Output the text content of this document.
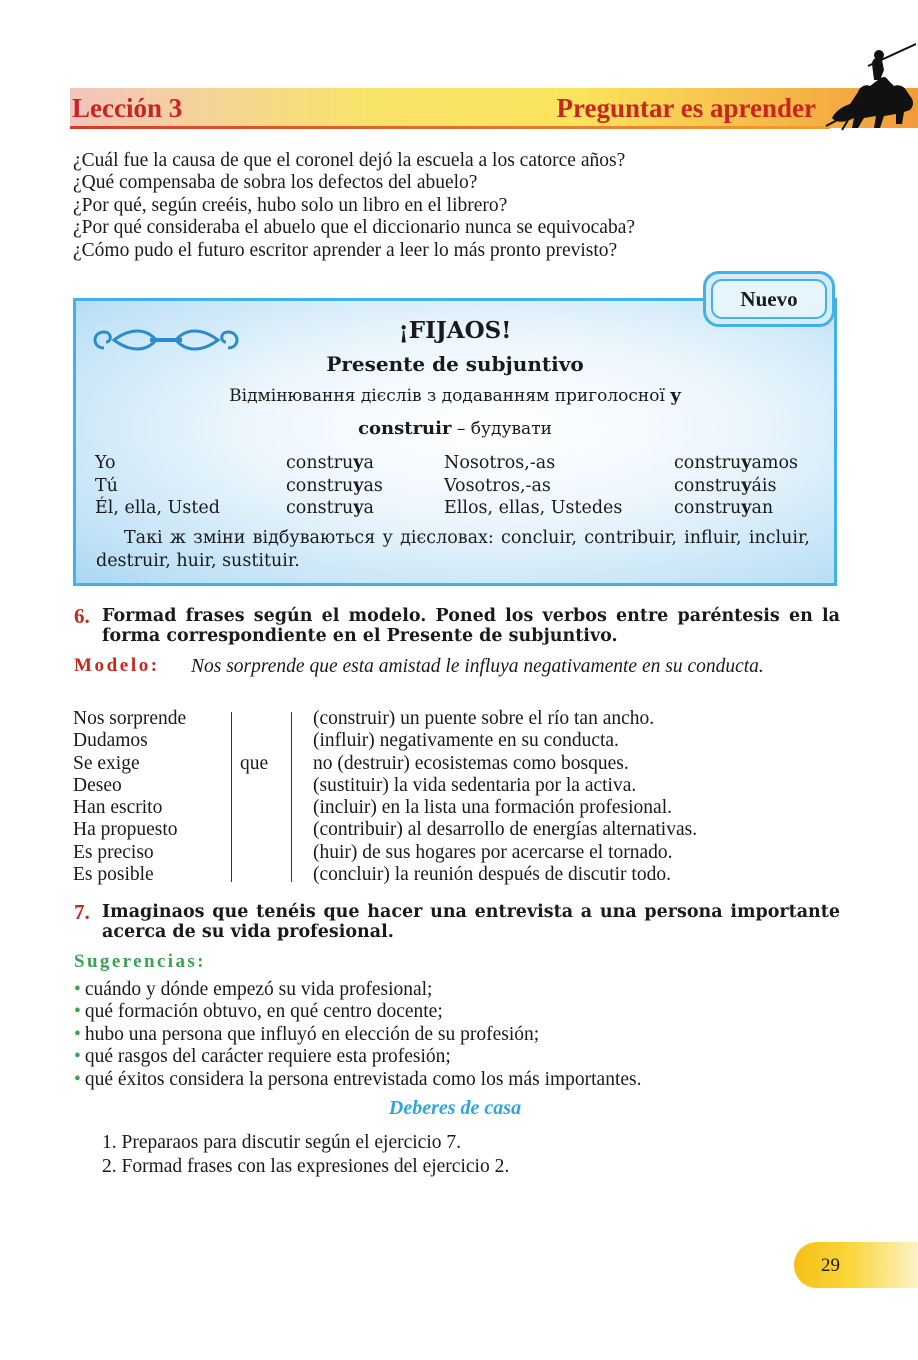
Lección 3	Preguntar es aprender
¿Cuál fue la causa de que el coronel dejó la escuela a los catorce años?
¿Qué compensaba de sobra los defectos del abuelo?
¿Por qué, según creéis, hubo solo un libro en el librero?
¿Por qué consideraba el abuelo que el diccionario nunca se equivocaba?
¿Cómo pudo el futuro escritor aprender a leer lo más pronto previsto?
Nuevo
¡FIJAOS!
Presente de subjuntivo
Відмінювання дієслів з додаванням приголосної y
construir – будувати
Yo
Tú
Él, ella, Usted
construya
construyas
construya
Nosotros,-as
Vosotros,-as
Ellos, ellas, Ustedes
construyamos
construyáis
construyan
Такі ж зміни відбуваються у дієсловах: concluir, contribuir, influir, incluir, destruir, huir, sustituir.
6. Formad frases según el modelo. Poned los verbos entre paréntesis en la forma correspondiente en el Presente de subjuntivo.
Modelo: Nos sorprende que esta amistad le influya negativamente en su conducta.
Nos sorprende
Dudamos
Se exige
Deseo
Han escrito
Ha propuesto
Es preciso
Es posible
que
(construir) un puente sobre el río tan ancho.
(influir) negativamente en su conducta.
no (destruir) ecosistemas como bosques.
(sustituir) la vida sedentaria por la activa.
(incluir) en la lista una formación profesional.
(contribuir) al desarrollo de energías alternativas.
(huir) de sus hogares por acercarse el tornado.
(concluir) la reunión después de discutir todo.
7. Imaginaos que tenéis que hacer una entrevista a una persona importante acerca de su vida profesional.
Sugerencias:
• cuándo y dónde empezó su vida profesional;
• qué formación obtuvo, en qué centro docente;
• hubo una persona que influyó en elección de su profesión;
• qué rasgos del carácter requiere esta profesión;
• qué éxitos considera la persona entrevistada como los más importantes.
Deberes de casa
1. Preparaos para discutir según el ejercicio 7.
2. Formad frases con las expresiones del ejercicio 2.
29
